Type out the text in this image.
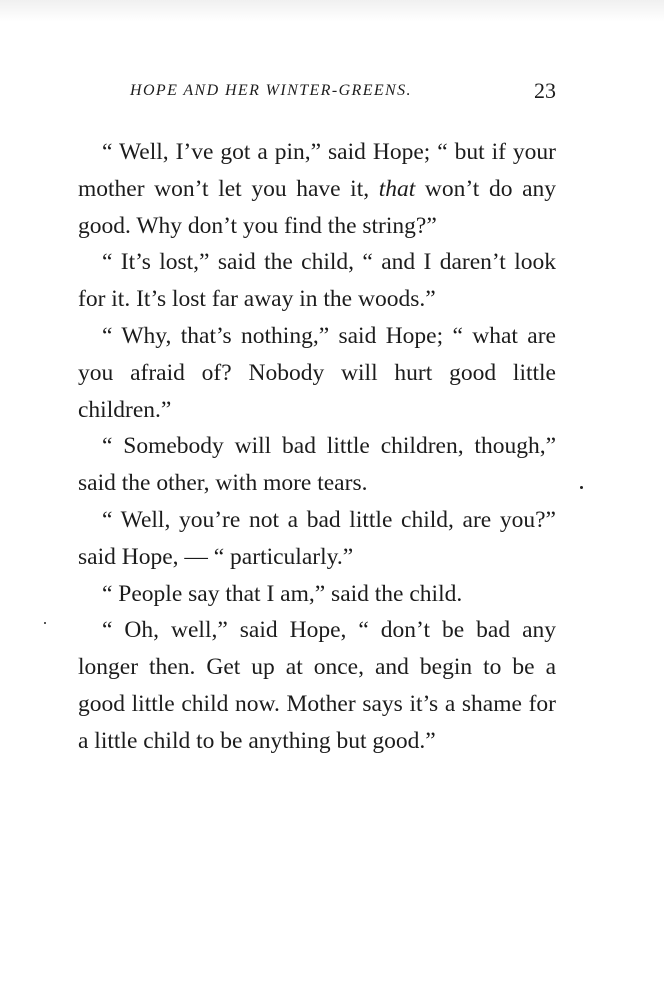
HOPE AND HER WINTER-GREENS.	23

“ Well, I’ve got a pin,” said Hope; “ but if your mother won’t let you have it, that won’t do any good. Why don’t you find the string?”

“ It’s lost,” said the child, “ and I daren’t look for it. It’s lost far away in the woods.”

“ Why, that’s nothing,” said Hope; “ what are you afraid of? Nobody will hurt good little children.”

“ Somebody will bad little children, though,” said the other, with more tears.

“ Well, you’re not a bad little child, are you?” said Hope, — “ particularly.”

“ People say that I am,” said the child.

“ Oh, well,” said Hope, “ don’t be bad any longer then. Get up at once, and begin to be a good little child now. Mother says it’s a shame for a little child to be anything but good.”
